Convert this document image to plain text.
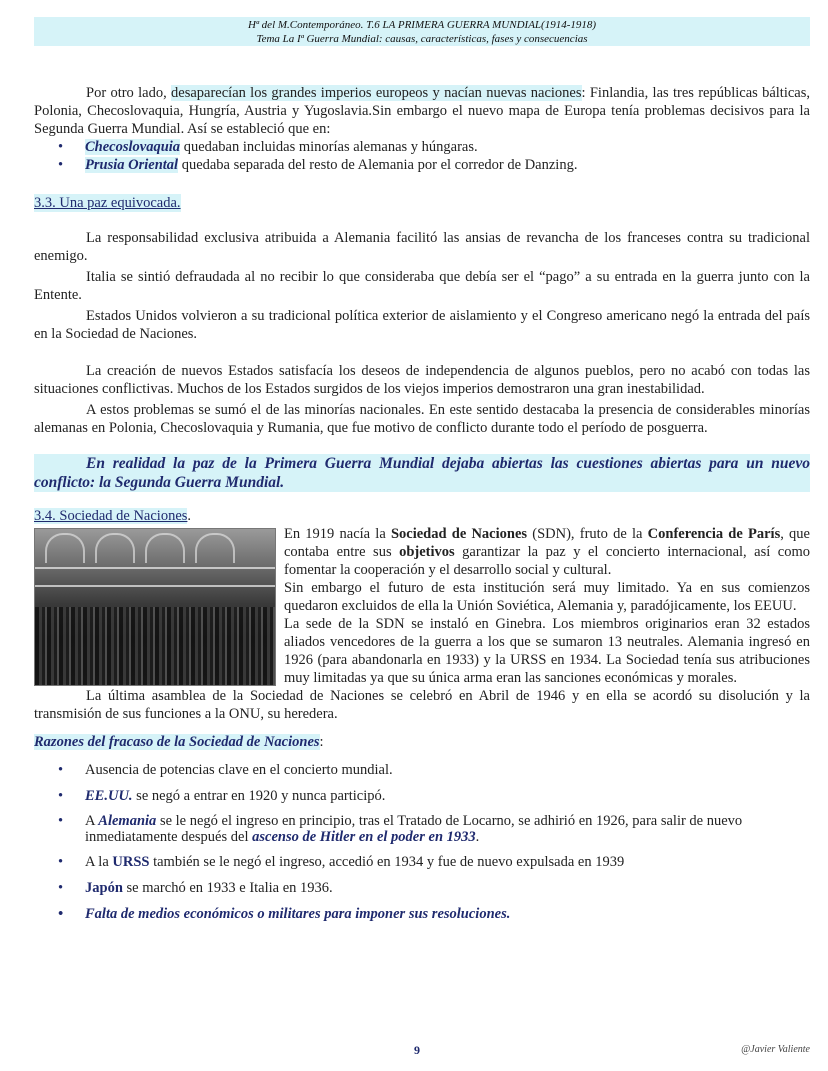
Hª del M.Contemporáneo. T.6 LA PRIMERA GUERRA MUNDIAL(1914-1918)
Tema La Iª Guerra Mundial: causas, características, fases y consecuencias

Por otro lado, desaparecían los grandes imperios europeos y nacían nuevas naciones: Finlandia, las tres repúblicas bálticas, Polonia, Checoslovaquia, Hungría, Austria y Yugoslavia.Sin embargo el nuevo mapa de Europa tenía problemas decisivos para la Segunda Guerra Mundial. Así se estableció que en:

• Checoslovaquia quedaban incluidas minorías alemanas y húngaras.
• Prusia Oriental quedaba separada del resto de Alemania por el corredor de Danzing.
3.3. Una paz equivocada.

La responsabilidad exclusiva atribuida a Alemania facilitó las ansias de revancha de los franceses contra su tradicional enemigo.

Italia se sintió defraudada al no recibir lo que consideraba que debía ser el “pago” a su entrada en la guerra junto con la Entente.

Estados Unidos volvieron a su tradicional política exterior de aislamiento y el Congreso americano negó la entrada del país en la Sociedad de Naciones.

La creación de nuevos Estados satisfacía los deseos de independencia de algunos pueblos, pero no acabó con todas las situaciones conflictivas. Muchos de los Estados surgidos de los viejos imperios demostraron una gran inestabilidad.

A estos problemas se sumó el de las minorías nacionales. En este sentido destacaba la presencia de considerables minorías alemanas en Polonia, Checoslovaquia y Rumania, que fue motivo de conflicto durante todo el período de posguerra.

En realidad la paz de la Primera Guerra Mundial dejaba abiertas las cuestiones abiertas para un nuevo conflicto: la Segunda Guerra Mundial.

3.4. Sociedad de Naciones.

En 1919 nacía la Sociedad de Naciones (SDN), fruto de la Conferencia de París, que contaba entre sus objetivos garantizar la paz y el concierto internacional, así como fomentar la cooperación y el desarrollo social y cultural.

Sin embargo el futuro de esta institución será muy limitado. Ya en sus comienzos quedaron excluidos de ella la Unión Soviética, Alemania y, paradójicamente, los EEUU.

La sede de la SDN se instaló en Ginebra. Los miembros originarios eran 32 estados aliados vencedores de la guerra a los que se sumaron 13 neutrales. Alemania ingresó en 1926 (para abandonarla en 1933) y la URSS en 1934. La Sociedad tenía sus atribuciones muy limitadas ya que su única arma eran las sanciones económicas y morales.

La última asamblea de la Sociedad de Naciones se celebró en Abril de 1946 y en ella se acordó su disolución y la transmisión de sus funciones a la ONU, su heredera.

Razones del fracaso de la Sociedad de Naciones:
• Ausencia de potencias clave en el concierto mundial.
• EE.UU. se negó a entrar en 1920 y nunca participó.
• A Alemania se le negó el ingreso en principio, tras el Tratado de Locarno, se adhirió en 1926, para salir de nuevo inmediatamente después del ascenso de Hitler en el poder en 1933.
• A la URSS también se le negó el ingreso, accedió en 1934 y fue de nuevo expulsada en 1939
• Japón se marchó en 1933 e Italia en 1936.
• Falta de medios económicos o militares para imponer sus resoluciones.
9	@Javier Valiente
